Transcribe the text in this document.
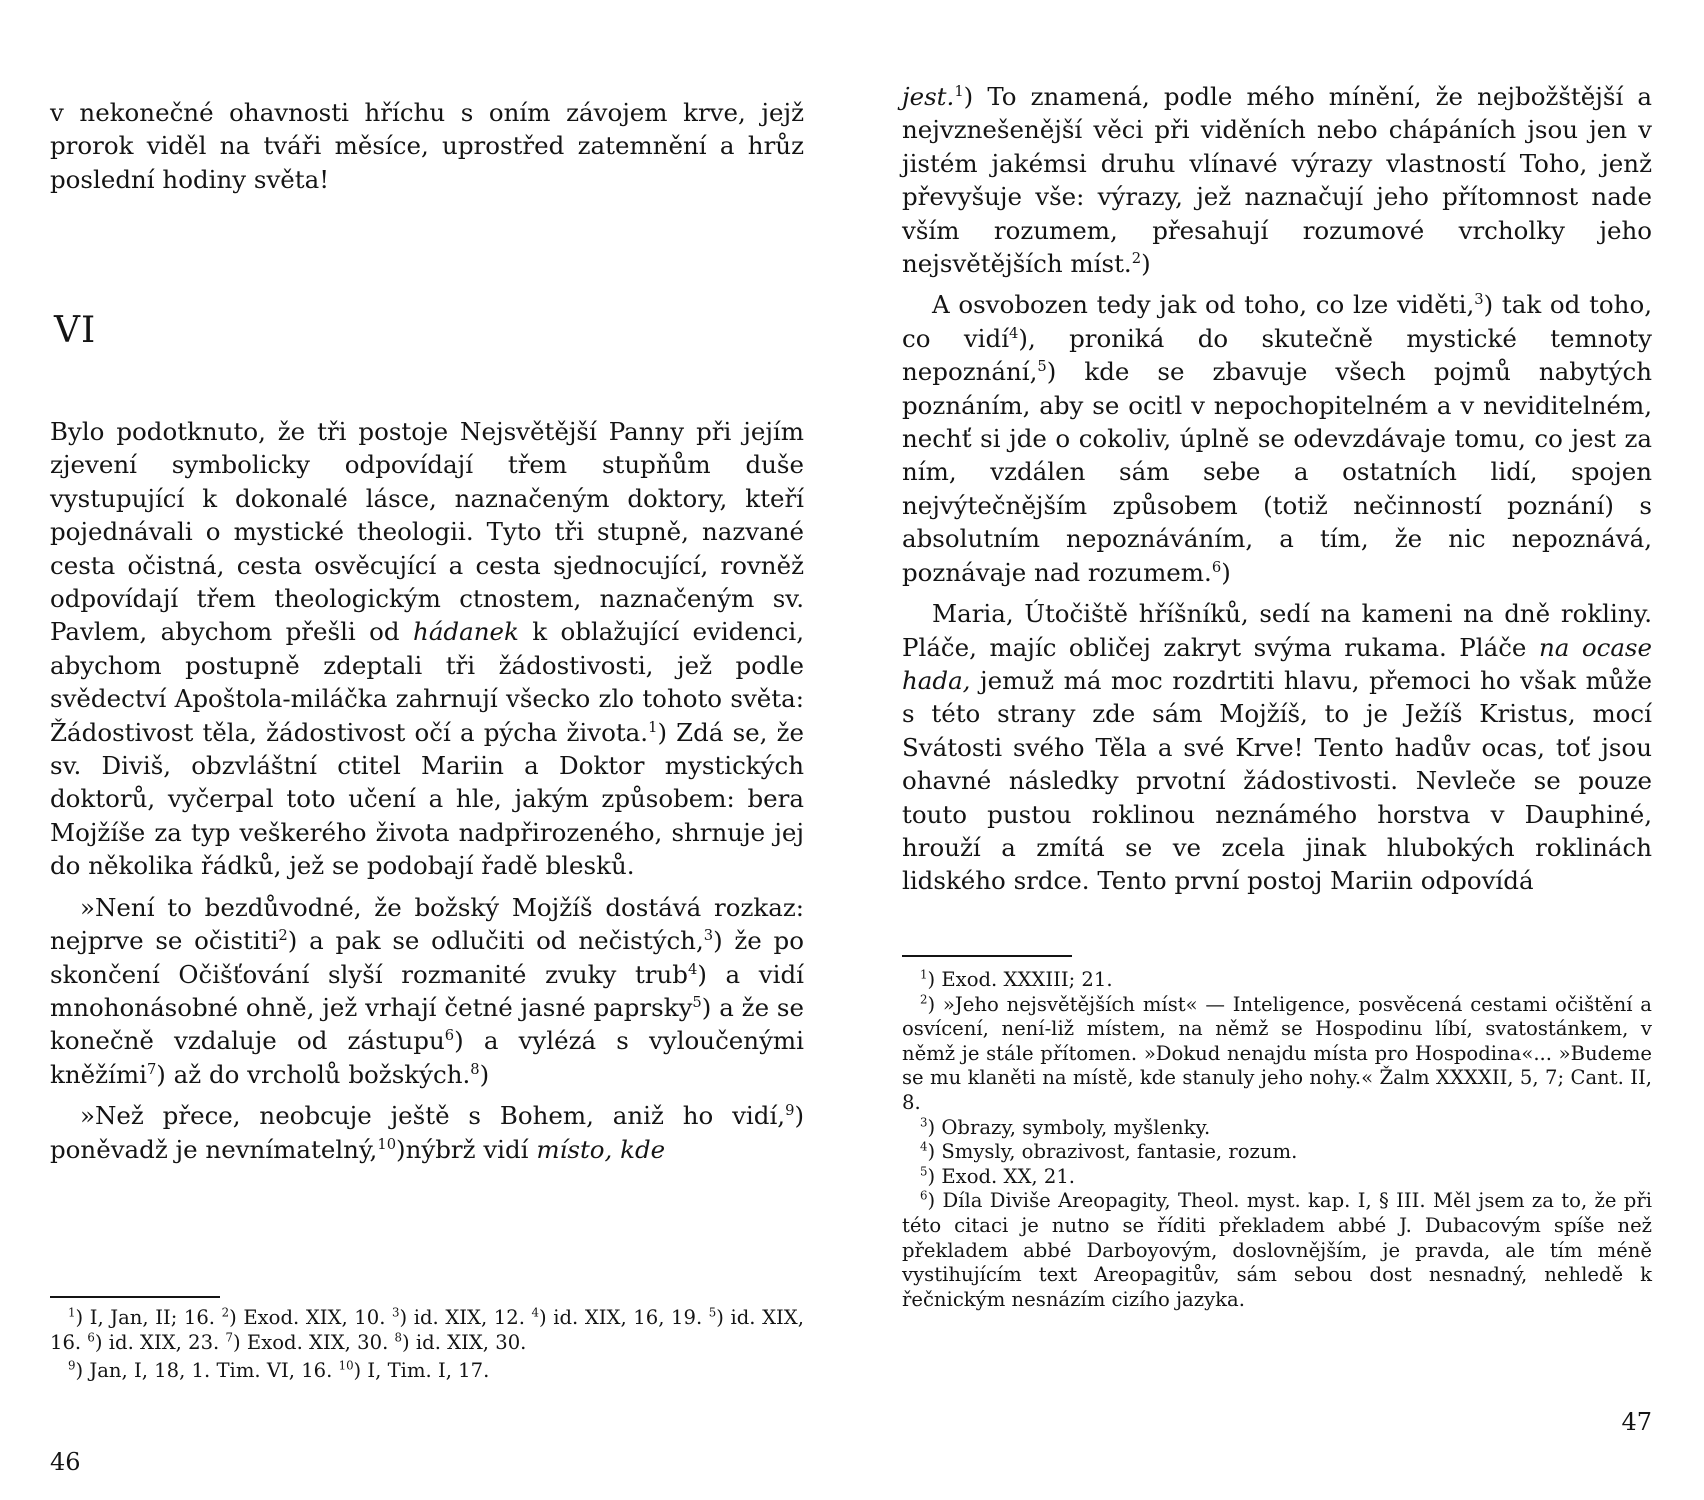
v nekonečné ohavnosti hříchu s oním závojem krve, jejž prorok viděl na tváři měsíce, uprostřed zatemnění a hrůz poslední hodiny světa!

VI

Bylo podotknuto, že tři postoje Nejsvětější Panny při jejím zjevení symbolicky odpovídají třem stupňům duše vystupující k dokonalé lásce, naznačeným doktory, kteří pojednávali o mystické theologii. Tyto tři stupně, nazvané cesta očistná, cesta osvěcující a cesta sjednocující, rovněž odpovídají třem theologickým ctnostem, naznačeným sv. Pavlem, abychom přešli od hádanek k oblažující evidenci, abychom postupně zdeptali tři žádostivosti, jež podle svědectví Apoštola-miláčka zahrnují všecko zlo tohoto světa: Žádostivost těla, žádostivost očí a pýcha života.$^1$) Zdá se, že sv. Diviš, obzvláštní ctitel Mariin a Doktor mystických doktorů, vyčerpal toto učení a hle, jakým způsobem: bera Mojžíše za typ veškerého života nadpřirozeného, shrnuje jej do několika řádků, jež se podobají řadě blesků.

»Není to bezdůvodné, že božský Mojžíš dostává rozkaz: nejprve se očistiti$^2$) a pak se odlučiti od nečistých,$^3$) že po skončení Očišťování slyší rozmanité zvuky trub$^4$) a vidí mnohonásobné ohně, jež vrhají četné jasné paprsky$^5$) a že se konečně vzdaluje od zástupu$^6$) a vylézá s vyloučenými kněžími$^7$) až do vrcholů božských.$^8$)

»Než přece, neobcuje ještě s Bohem, aniž ho vidí,$^9$) poněvadž je nevnímatelný,$^{10}$)nýbrž vidí místo, kde

$^1$) I, Jan, II; 16. $^2$) Exod. XIX, 10. $^3$) id. XIX, 12. $^4$) id. XIX, 16, 19. $^5$) id. XIX, 16. $^6$) id. XIX, 23. $^7$) Exod. XIX, 30. $^8$) id. XIX, 30.

$^9$) Jan, I, 18, 1. Tim. VI, 16. $^{10}$) I, Tim. I, 17.

46

jest.$^1$) To znamená, podle mého mínění, že nejbožštější a nejvznešenější věci při viděních nebo chápáních jsou jen v jistém jakémsi druhu vlínavé výrazy vlastností Toho, jenž převyšuje vše: výrazy, jež naznačují jeho přítomnost nade vším rozumem, přesahují rozumové vrcholky jeho nejsvětějších míst.$^2$)

A osvobozen tedy jak od toho, co lze viděti,$^3$) tak od toho, co vidí$^4$), proniká do skutečně mystické temnoty nepoznání,$^5$) kde se zbavuje všech pojmů nabytých poznáním, aby se ocitl v nepochopitelném a v neviditelném, nechť si jde o cokoliv, úplně se odevzdávaje tomu, co jest za ním, vzdálen sám sebe a ostatních lidí, spojen nejvýtečnějším způsobem (totiž nečinností poznání) s absolutním nepoznáváním, a tím, že nic nepoznává, poznávaje nad rozumem.$^6$)

Maria, Útočiště hříšníků, sedí na kameni na dně rokliny. Pláče, majíc obličej zakryt svýma rukama. Pláče na ocase hada, jemuž má moc rozdrtiti hlavu, přemoci ho však může s této strany zde sám Mojžíš, to je Ježíš Kristus, mocí Svátosti svého Těla a své Krve! Tento hadův ocas, toť jsou ohavné následky prvotní žádostivosti. Nevleče se pouze touto pustou roklinou neznámého horstva v Dauphiné, hrouží a zmítá se ve zcela jinak hlubokých roklinách lidského srdce. Tento první postoj Mariin odpovídá

$^1$) Exod. XXXIII; 21.

$^2$) »Jeho nejsvětějších míst« — Inteligence, posvěcená cestami očištění a osvícení, není-liž místem, na němž se Hospodinu líbí, svatostánkem, v němž je stále přítomen. »Dokud nenajdu místa pro Hospodina«... »Budeme se mu klaněti na místě, kde stanuly jeho nohy.« Žalm XXXXII, 5, 7; Cant. II, 8.

$^3$) Obrazy, symboly, myšlenky.

$^4$) Smysly, obrazivost, fantasie, rozum.

$^5$) Exod. XX, 21.

$^6$) Díla Diviše Areopagity, Theol. myst. kap. I, § III. Měl jsem za to, že při této citaci je nutno se říditi překladem abbé J. Dubacovým spíše než překladem abbé Darboyovým, doslovnějším, je pravda, ale tím méně vystihujícím text Areopagitův, sám sebou dost nesnadný, nehledě k řečnickým nesnázím cizího jazyka.

47
